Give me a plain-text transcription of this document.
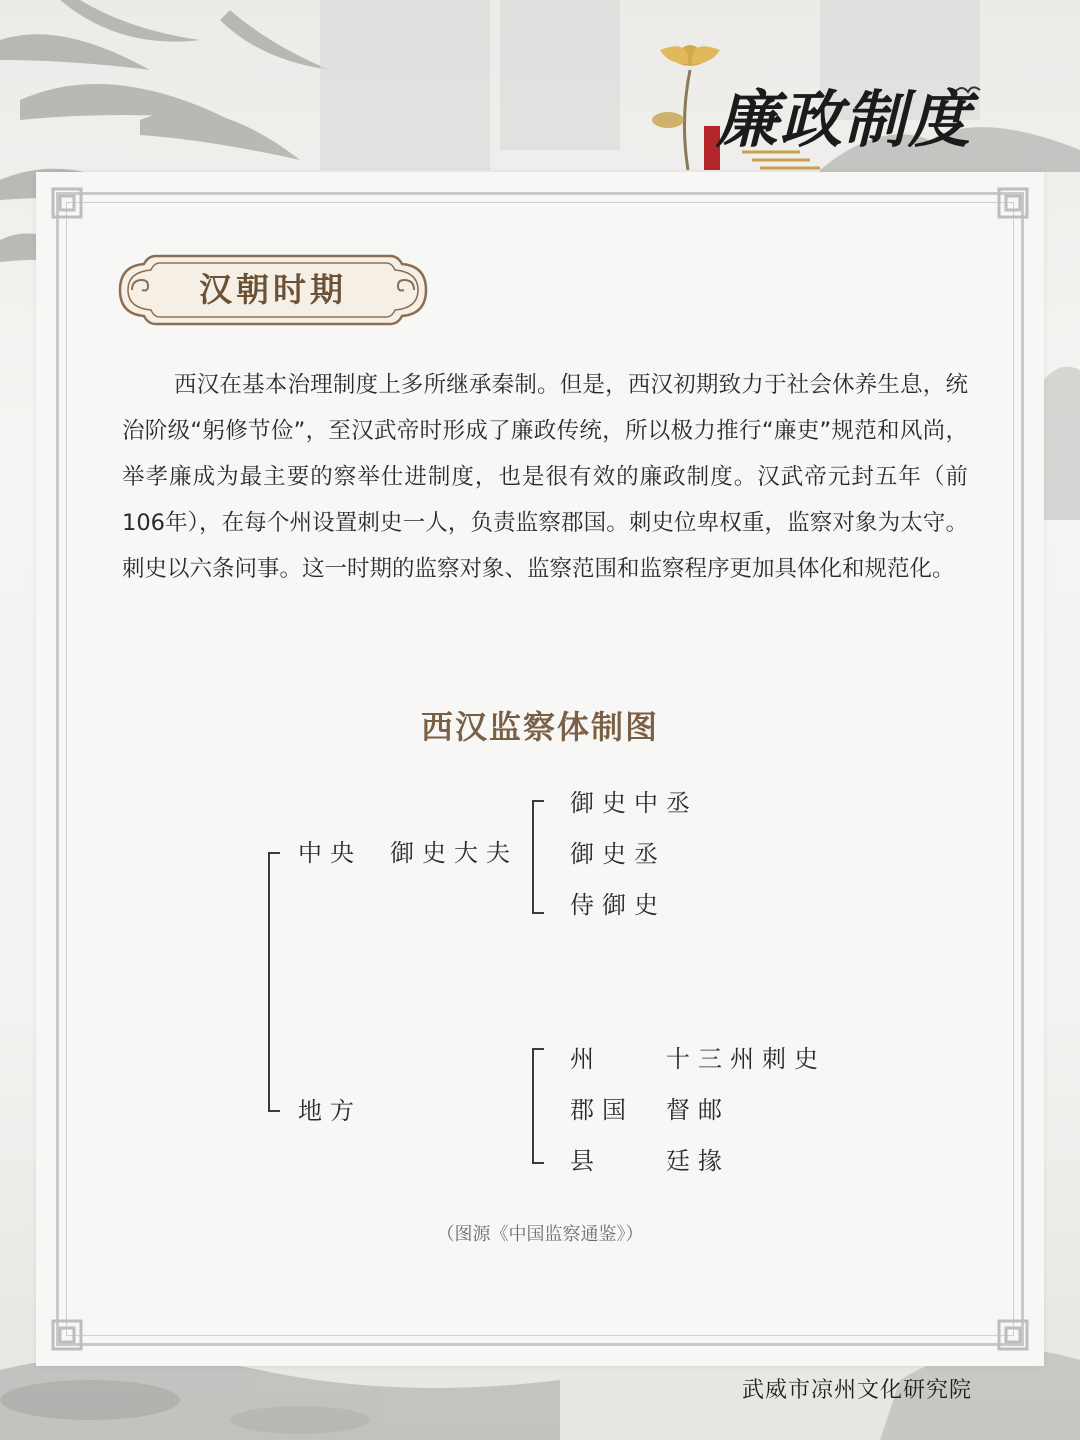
廉政制度
汉朝时期

西汉在基本治理制度上多所继承秦制。但是，西汉初期致力于社会休养生息，统治阶级“躬修节俭”，至汉武帝时形成了廉政传统，所以极力推行“廉吏”规范和风尚，举孝廉成为最主要的察举仕进制度，也是很有效的廉政制度。汉武帝元封五年（前106年），在每个州设置刺史一人，负责监察郡国。刺史位卑权重，监察对象为太守。刺史以六条问事。这一时期的监察对象、监察范围和监察程序更加具体化和规范化。

西汉监察体制图
中央 御史大夫
御史中丞
御史丞
侍御史
地方
州	十三州刺史
郡国 督邮
县	廷掾
（图源《中国监察通鉴》）
武威市凉州文化研究院
